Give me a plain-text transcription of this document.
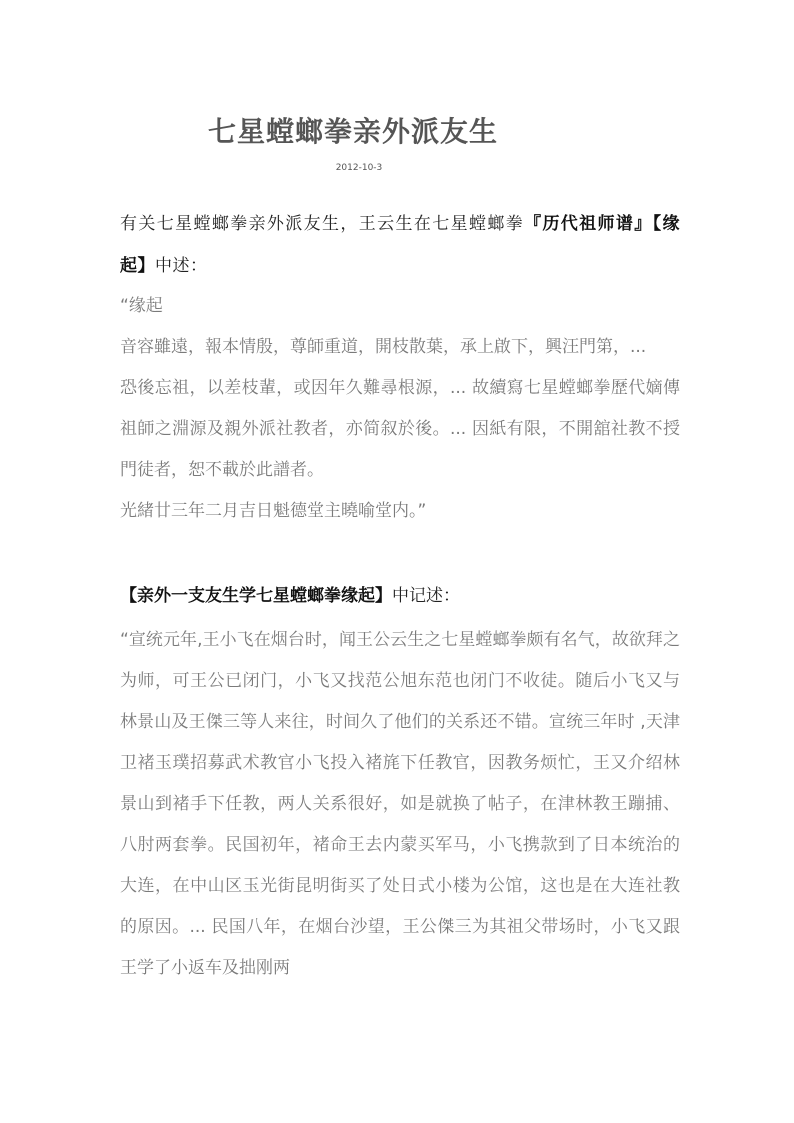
七星螳螂拳亲外派友生
2012-10-3

有关七星螳螂拳亲外派友生，王云生在七星螳螂拳『历代祖师谱』【缘起】中述：

“缘起
音容雖遠，報本情殷，尊師重道，開枝散葉，承上啟下，興汪門第，...
恐後忘祖，以差枝輩，或因年久難尋根源，... 故續寫七星螳螂拳歷代嫡傳祖師之淵源及親外派社教者，亦简叙於後。... 因紙有限，不開舘社教不授門徒者，恕不載於此譜者。
光緒廿三年二月吉日魁德堂主曉喻堂内。”

【亲外一支友生学七星螳螂拳缘起】中记述：

“宣统元年,王小飞在烟台时，闻王公云生之七星螳螂拳颇有名气，故欲拜之为师，可王公已闭门，小飞又找范公旭东范也闭门不收徒。随后小飞又与林景山及王傑三等人来往，时间久了他们的关系还不错。宣统三年时 ,天津卫褚玉璞招募武术教官小飞投入褚旄下任教官，因教务烦忙，王又介绍林景山到褚手下任教，两人关系很好，如是就换了帖子，在津林教王蹦捕、八肘两套拳。民国初年，褚命王去内蒙买军马，小飞携款到了日本统治的大连，在中山区玉光街昆明街买了处日式小楼为公馆，这也是在大连社教的原因。... 民国八年，在烟台沙望，王公傑三为其祖父带场时，小飞又跟王学了小返车及拙刚两
